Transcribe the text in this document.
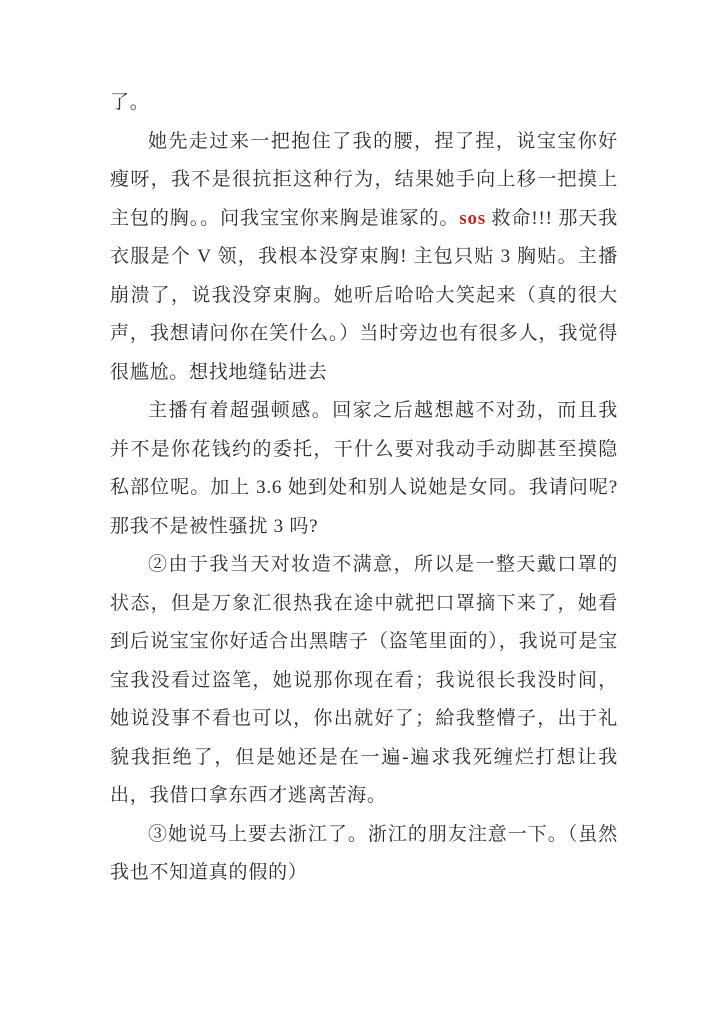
了。

她先走过来一把抱住了我的腰，捏了捏，说宝宝你好瘦呀，我不是很抗拒这种行为，结果她手向上移一把摸上主包的胸。。问我宝宝你来胸是谁冢的。sos 救命!!! 那天我衣服是个 V 领，我根本没穿束胸! 主包只贴 3 胸贴。主播崩溃了，说我没穿束胸。她听后哈哈大笑起来（真的很大声，我想请问你在笑什么。）当时旁边也有很多人，我觉得很尴尬。想找地缝钻进去

主播有着超强顿感。回家之后越想越不对劲，而且我并不是你花钱约的委托，干什么要对我动手动脚甚至摸隐私部位呢。加上 3.6 她到处和别人说她是女同。我请问呢? 那我不是被性骚扰 3 吗?

②由于我当天对妆造不满意，所以是一整天戴口罩的状态，但是万象汇很热我在途中就把口罩摘下来了，她看到后说宝宝你好适合出黑瞎子（盗笔里面的），我说可是宝宝我没看过盗笔，她说那你现在看；我说很长我没时间，她说没事不看也可以，你出就好了；給我整懵子，出于礼貌我拒绝了，但是她还是在一遍-遍求我死缠烂打想让我出，我借口拿东西才逃离苦海。

③她说马上要去浙江了。浙江的朋友注意一下。（虽然我也不知道真的假的）
